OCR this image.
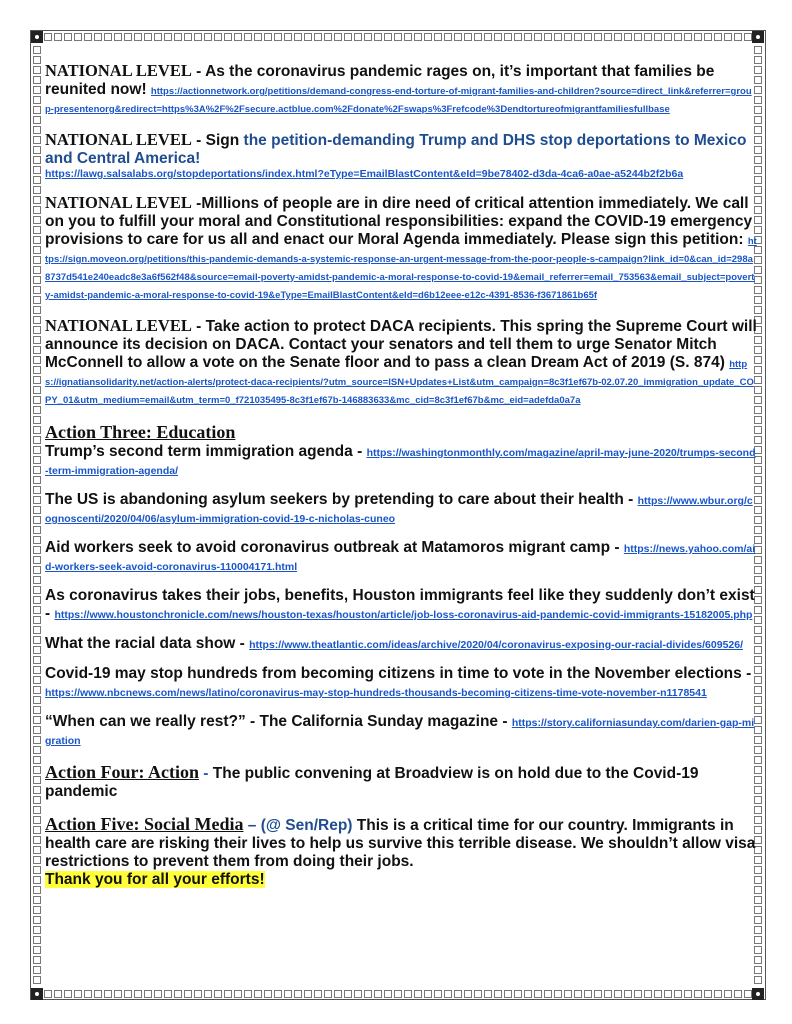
NATIONAL LEVEL - As the coronavirus pandemic rages on, it’s important that families be reunited now! https://actionnetwork.org/petitions/demand-congress-end-torture-of-migrant-families-and-children?source=direct_link&referrer=group-presentenorg&redirect=https%3A%2F%2Fsecure.actblue.com%2Fdonate%2Fswaps%3Frefcode%3Dendtortureofmigrantfamiliesfullbase
NATIONAL LEVEL - Sign the petition-demanding Trump and DHS stop deportations to Mexico and Central America!
https://lawg.salsalabs.org/stopdeportations/index.html?eType=EmailBlastContent&eId=9be78402-d3da-4ca6-a0ae-a5244b2f2b6a
NATIONAL LEVEL -Millions of people are in dire need of critical attention immediately. We call on you to fulfill your moral and Constitutional responsibilities: expand the COVID-19 emergency provisions to care for us all and enact our Moral Agenda immediately. Please sign this petition: https://sign.moveon.org/petitions/this-pandemic-demands-a-systemic-response-an-urgent-message-from-the-poor-people-s-campaign?link_id=0&can_id=298a8737d541e240eadc8e3a6f562f48&source=email-poverty-amidst-pandemic-a-moral-response-to-covid-19&email_referrer=email_753563&email_subject=poverty-amidst-pandemic-a-moral-response-to-covid-19&eType=EmailBlastContent&eId=d6b12eee-e12c-4391-8536-f3671861b65f
NATIONAL LEVEL - Take action to protect DACA recipients. This spring the Supreme Court will announce its decision on DACA. Contact your senators and tell them to urge Senator Mitch McConnell to allow a vote on the Senate floor and to pass a clean Dream Act of 2019 (S. 874) https://ignatiansolidarity.net/action-alerts/protect-daca-recipients/?utm_source=ISN+Updates+List&utm_campaign=8c3f1ef67b-02.07.20_immigration_update_COPY_01&utm_medium=email&utm_term=0_f721035495-8c3f1ef67b-146883633&mc_cid=8c3f1ef67b&mc_eid=adefda0a7a
Action Three: Education
Trump’s second term immigration agenda - https://washingtonmonthly.com/magazine/april-may-june-2020/trumps-second-term-immigration-agenda/
The US is abandoning asylum seekers by pretending to care about their health - https://www.wbur.org/cognoscenti/2020/04/06/asylum-immigration-covid-19-c-nicholas-cuneo
Aid workers seek to avoid coronavirus outbreak at Matamoros migrant camp - https://news.yahoo.com/aid-workers-seek-avoid-coronavirus-110004171.html
As coronavirus takes their jobs, benefits, Houston immigrants feel like they suddenly don’t exist - https://www.houstonchronicle.com/news/houston-texas/houston/article/job-loss-coronavirus-aid-pandemic-covid-immigrants-15182005.php
What the racial data show - https://www.theatlantic.com/ideas/archive/2020/04/coronavirus-exposing-our-racial-divides/609526/
Covid-19 may stop hundreds from becoming citizens in time to vote in the November elections - https://www.nbcnews.com/news/latino/coronavirus-may-stop-hundreds-thousands-becoming-citizens-time-vote-november-n1178541
“When can we really rest?” - The California Sunday magazine - https://story.californiasunday.com/darien-gap-migration
Action Four: Action - The public convening at Broadview is on hold due to the Covid-19 pandemic
Action Five: Social Media – (@ Sen/Rep) This is a critical time for our country. Immigrants in health care are risking their lives to help us survive this terrible disease. We shouldn’t allow visa restrictions to prevent them from doing their jobs.
Thank you for all your efforts!
